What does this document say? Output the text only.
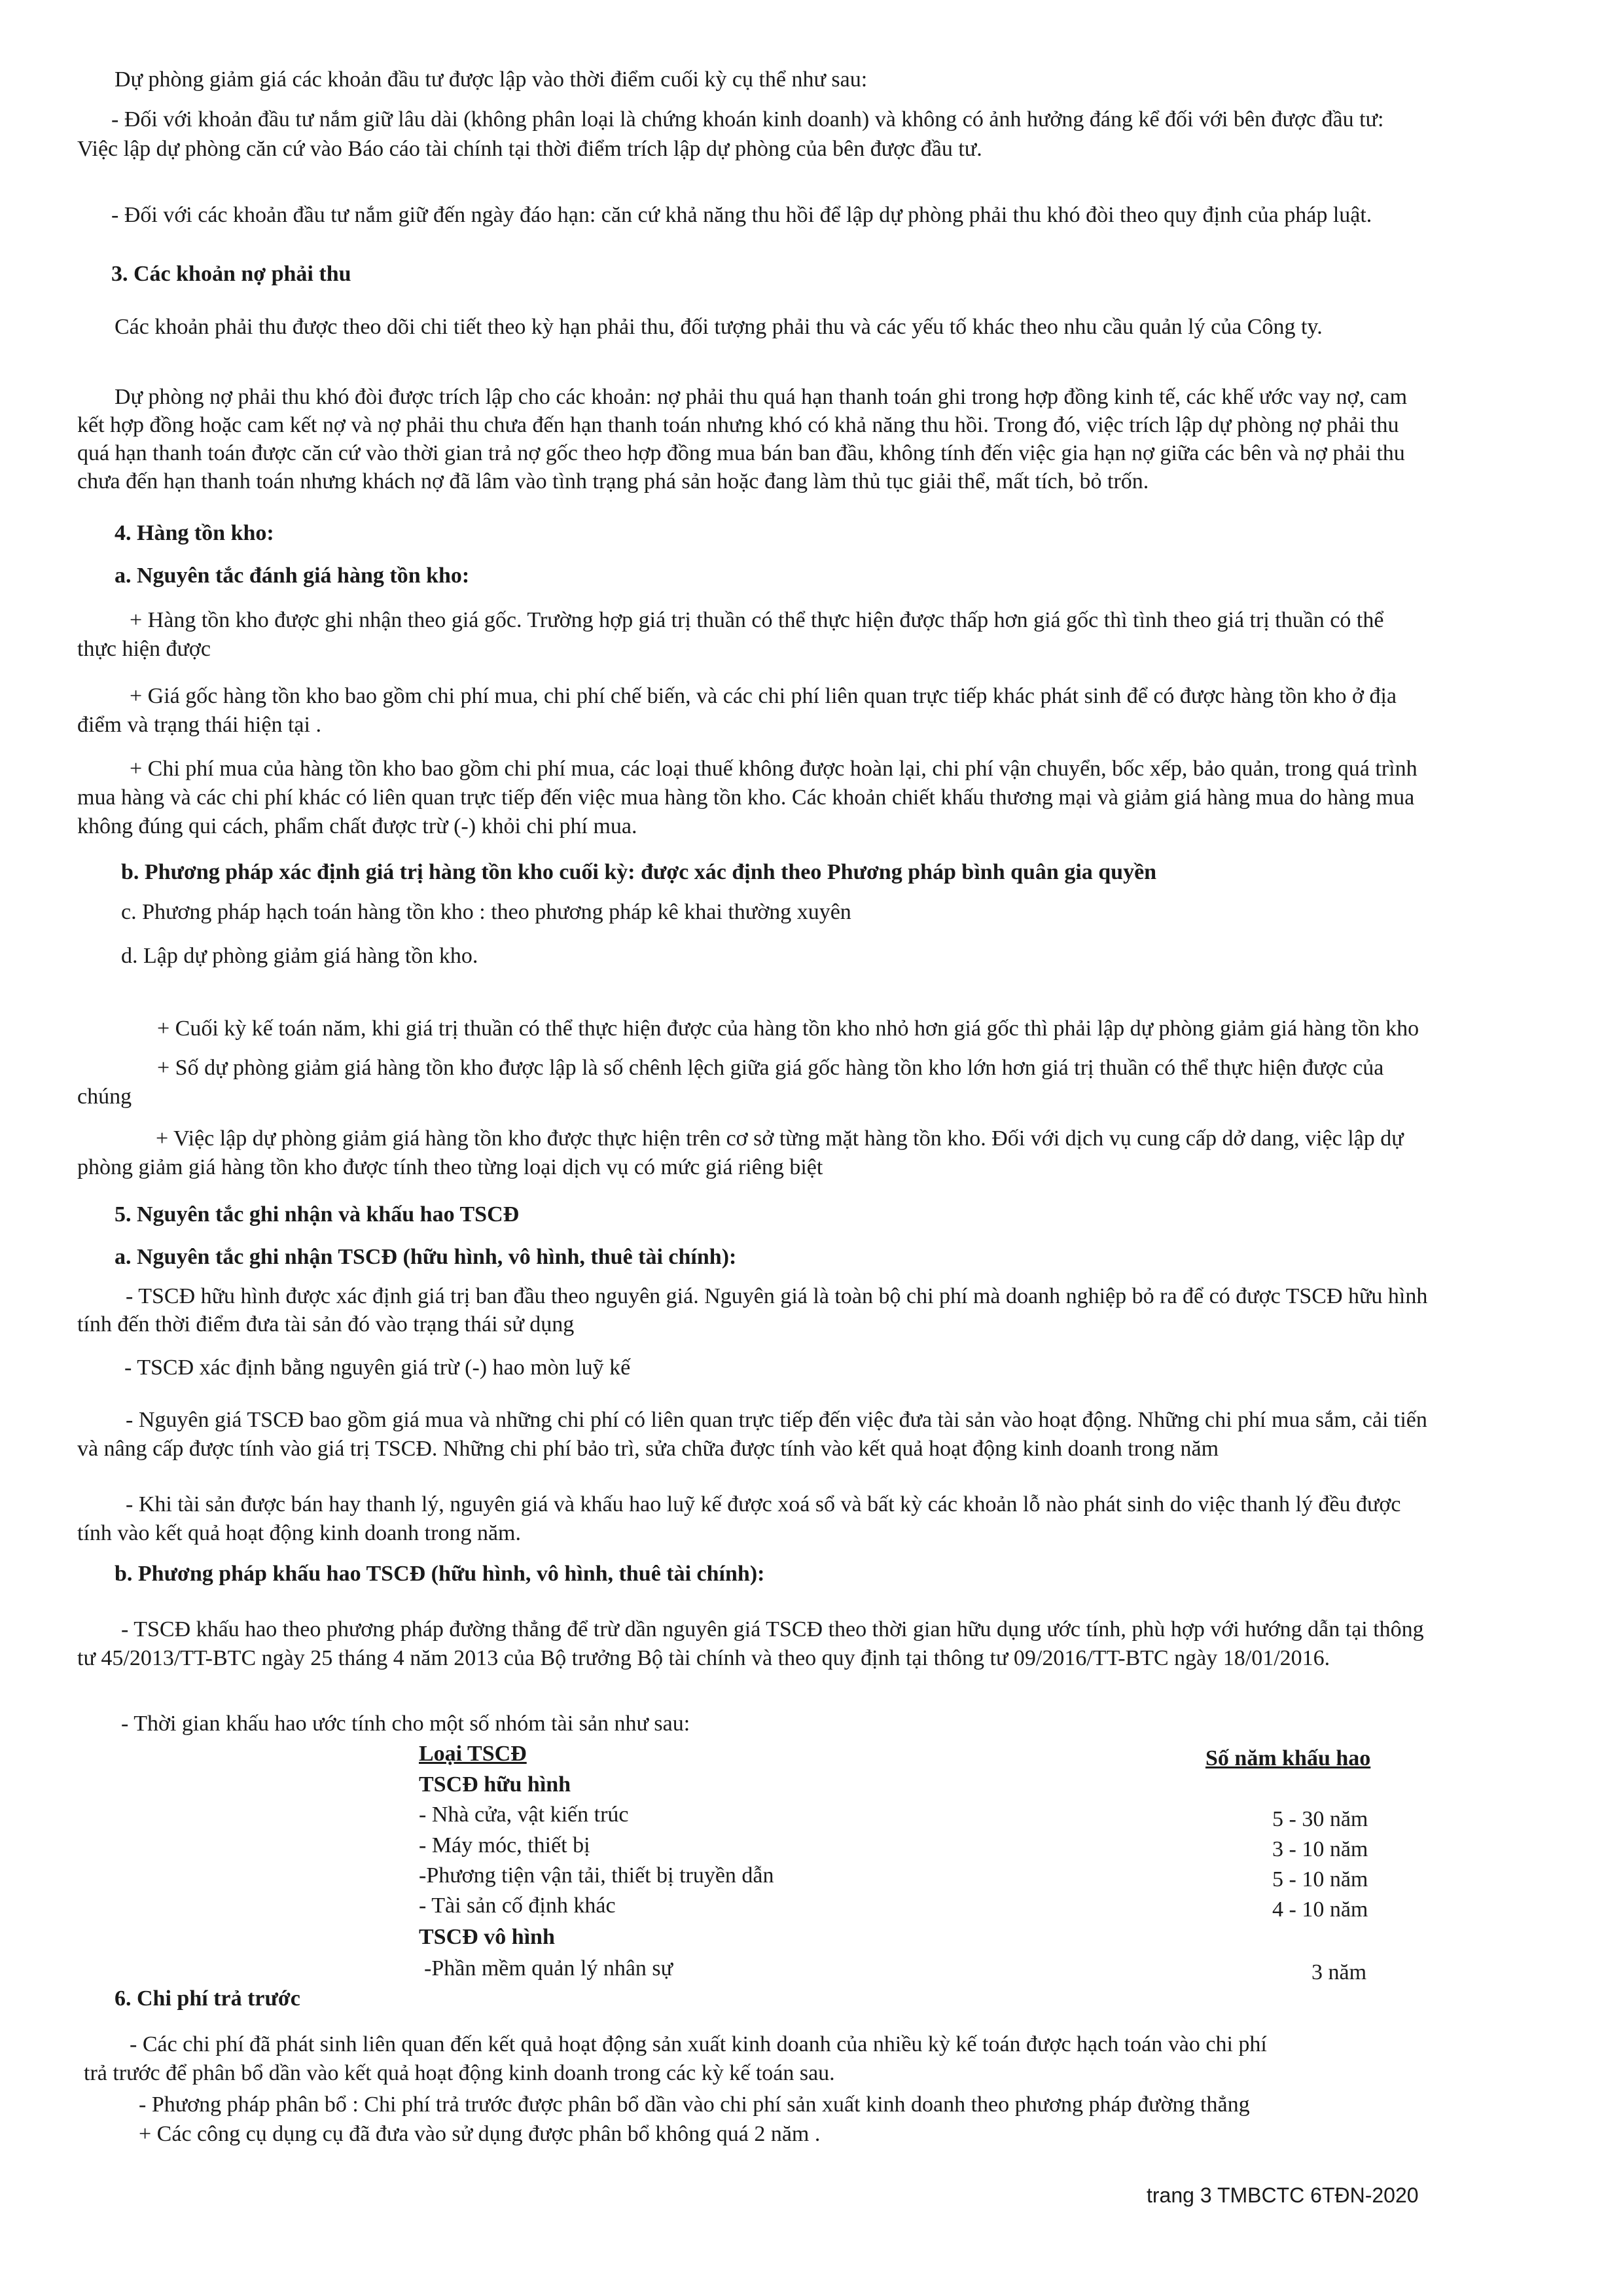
Dự phòng giảm giá các khoản đầu tư được lập vào thời điểm cuối kỳ cụ thể như sau:
- Đối với khoản đầu tư nắm giữ lâu dài (không phân loại là chứng khoán kinh doanh) và không có ảnh hưởng đáng kể đối với bên được đầu tư:
Việc lập dự phòng căn cứ vào Báo cáo tài chính tại thời điểm trích lập dự phòng của bên được đầu tư.
- Đối với các khoản đầu tư nắm giữ đến ngày đáo hạn: căn cứ khả năng thu hồi để lập dự phòng phải thu khó đòi theo quy định của pháp luật.
3. Các khoản nợ phải thu
Các khoản phải thu được theo dõi chi tiết theo kỳ hạn phải thu, đối tượng phải thu và các yếu tố khác theo nhu cầu quản lý của Công ty.
Dự phòng nợ phải thu khó đòi được trích lập cho các khoản: nợ phải thu quá hạn thanh toán ghi trong hợp đồng kinh tế, các khế ước vay nợ, cam
kết hợp đồng hoặc cam kết nợ và nợ phải thu chưa đến hạn thanh toán nhưng khó có khả năng thu hồi. Trong đó, việc trích lập dự phòng nợ phải thu
quá hạn thanh toán được căn cứ vào thời gian trả nợ gốc theo hợp đồng mua bán ban đầu, không tính đến việc gia hạn nợ giữa các bên và nợ phải thu
chưa đến hạn thanh toán nhưng khách nợ đã lâm vào tình trạng phá sản hoặc đang làm thủ tục giải thể, mất tích, bỏ trốn.
4. Hàng tồn kho:
a. Nguyên tắc đánh giá hàng tồn kho:
+ Hàng tồn kho được ghi nhận theo giá gốc. Trường hợp giá trị thuần có thể thực hiện được thấp hơn giá gốc thì tình theo giá trị thuần có thể
thực hiện được
+ Giá gốc hàng tồn kho bao gồm chi phí mua, chi phí chế biến, và các chi phí liên quan trực tiếp khác phát sinh để có được hàng tồn kho ở địa
điểm và trạng thái hiện tại .
+ Chi phí mua của hàng tồn kho bao gồm chi phí mua, các loại thuế không được hoàn lại, chi phí vận chuyển, bốc xếp, bảo quản, trong quá trình
mua hàng và các chi phí khác có liên quan trực tiếp đến việc mua hàng tồn kho. Các khoản chiết khấu thương mại và giảm giá hàng mua do hàng mua
không đúng qui cách, phẩm chất được trừ (-) khỏi chi phí mua.
b. Phương pháp xác định giá trị hàng tồn kho cuối kỳ: được xác định theo Phương pháp bình quân gia quyền
c. Phương pháp hạch toán hàng tồn kho : theo phương pháp kê khai thường xuyên
d. Lập dự phòng giảm giá hàng tồn kho.
+ Cuối kỳ kế toán năm, khi giá trị thuần có thể thực hiện được của hàng tồn kho nhỏ hơn giá gốc thì phải lập dự phòng giảm giá hàng tồn kho
+ Số dự phòng giảm giá hàng tồn kho được lập là số chênh lệch giữa giá gốc hàng tồn kho lớn hơn giá trị thuần có thể thực hiện được của
chúng
+ Việc lập dự phòng giảm giá hàng tồn kho được thực hiện trên cơ sở từng mặt hàng tồn kho. Đối với dịch vụ cung cấp dở dang, việc lập dự
phòng giảm giá hàng tồn kho được tính theo từng loại dịch vụ có mức giá riêng biệt
5. Nguyên tắc ghi nhận và khấu hao TSCĐ
a. Nguyên tắc ghi nhận TSCĐ (hữu hình, vô hình, thuê tài chính):
- TSCĐ hữu hình được xác định giá trị ban đầu theo nguyên giá. Nguyên giá là toàn bộ chi phí mà doanh nghiệp bỏ ra để có được TSCĐ hữu hình
tính đến thời điểm đưa tài sản đó vào trạng thái sử dụng
- TSCĐ xác định bằng nguyên giá trừ (-) hao mòn luỹ kế
- Nguyên giá TSCĐ bao gồm giá mua và những chi phí có liên quan trực tiếp đến việc đưa tài sản vào hoạt động. Những chi phí mua sắm, cải tiến
và nâng cấp được tính vào giá trị TSCĐ. Những chi phí bảo trì, sửa chữa được tính vào kết quả hoạt động kinh doanh trong năm
- Khi tài sản được bán hay thanh lý, nguyên giá và khấu hao luỹ kế được xoá sổ và bất kỳ các khoản lỗ nào phát sinh do việc thanh lý đều được
tính vào kết quả hoạt động kinh doanh trong năm.
b. Phương pháp khấu hao TSCĐ (hữu hình, vô hình, thuê tài chính):
- TSCĐ khấu hao theo phương pháp đường thẳng để trừ dần nguyên giá TSCĐ theo thời gian hữu dụng ước tính, phù hợp với hướng dẫn tại thông
tư 45/2013/TT-BTC ngày 25 tháng 4 năm 2013 của Bộ trưởng Bộ tài chính và theo quy định tại thông tư 09/2016/TT-BTC ngày 18/01/2016.
- Thời gian khấu hao ước tính cho một số nhóm tài sản như sau:
Loại TSCĐ	Số năm khấu hao
TSCĐ hữu hình
- Nhà cửa, vật kiến trúc	5 - 30 năm
- Máy móc, thiết bị	3 - 10 năm
-Phương tiện vận tải, thiết bị truyền dẫn	5 - 10 năm
- Tài sản cố định khác	4 - 10 năm
TSCĐ vô hình
-Phần mềm quản lý nhân sự	3 năm
6. Chi phí trả trước
- Các chi phí đã phát sinh liên quan đến kết quả hoạt động sản xuất kinh doanh của nhiều kỳ kế toán được hạch toán vào chi phí
trả trước để phân bổ dần vào kết quả hoạt động kinh doanh trong các kỳ kế toán sau.
- Phương pháp phân bổ : Chi phí trả trước được phân bổ dần vào chi phí sản xuất kinh doanh theo phương pháp đường thẳng
+ Các công cụ dụng cụ đã đưa vào sử dụng được phân bổ không quá 2 năm .
trang 3 TMBCTC 6TĐN-2020
